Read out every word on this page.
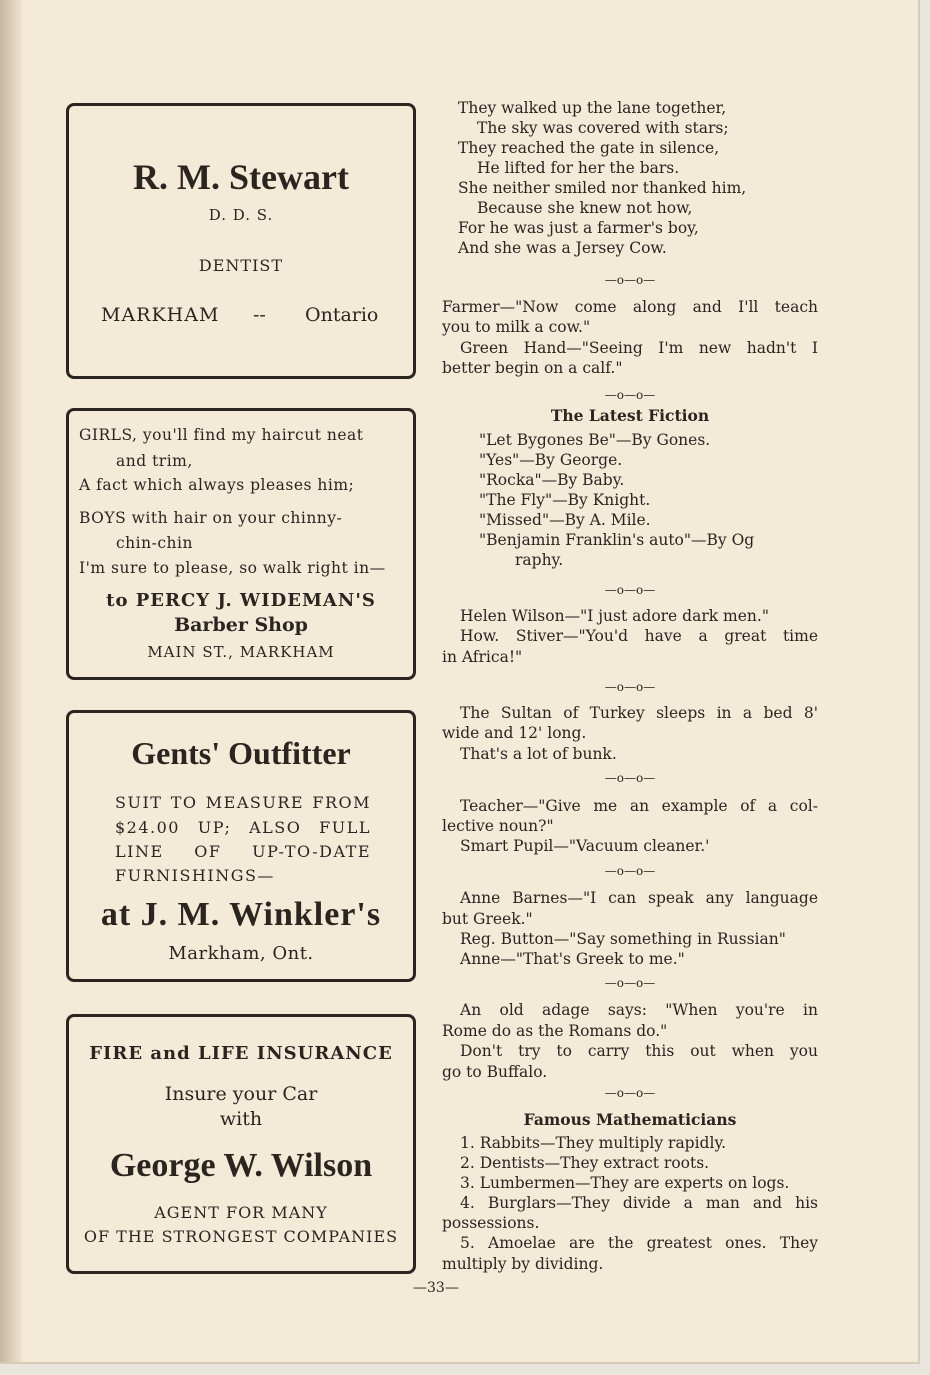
R. M. Stewart
D. D. S.
DENTIST
MARKHAM -- Ontario
GIRLS, you'll find my haircut neat
and trim,
A fact which always pleases him;
BOYS with hair on your chinny-
chin-chin
I'm sure to please, so walk right in—
to PERCY J. WIDEMAN'S
Barber Shop
MAIN ST., MARKHAM
Gents' Outfitter
SUIT TO MEASURE FROM
$24.00 UP; ALSO FULL
LINE OF UP-TO-DATE
FURNISHINGS—
at J. M. Winkler's
Markham, Ont.
FIRE and LIFE INSURANCE
Insure your Car
with
George W. Wilson
AGENT FOR MANY
OF THE STRONGEST COMPANIES
They walked up the lane together,
The sky was covered with stars;
They reached the gate in silence,
He lifted for her the bars.
She neither smiled nor thanked him,
Because she knew not how,
For he was just a farmer's boy,
And she was a Jersey Cow.
—o—o—
Farmer—"Now come along and I'll teach
you to milk a cow."
Green Hand—"Seeing I'm new hadn't I
better begin on a calf."
—o—o—
The Latest Fiction
"Let Bygones Be"—By Gones.
"Yes"—By George.
"Rocka"—By Baby.
"The Fly"—By Knight.
"Missed"—By A. Mile.
"Benjamin Franklin's auto"—By Og
raphy.
—o—o—
Helen Wilson—"I just adore dark men."
How. Stiver—"You'd have a great time
in Africa!"
—o—o—
The Sultan of Turkey sleeps in a bed 8'
wide and 12' long.
That's a lot of bunk.
—o—o—
Teacher—"Give me an example of a col-
lective noun?"
Smart Pupil—"Vacuum cleaner.'
—o—o—
Anne Barnes—"I can speak any language
but Greek."
Reg. Button—"Say something in Russian"
Anne—"That's Greek to me."
—o—o—
An old adage says: "When you're in
Rome do as the Romans do."
Don't try to carry this out when you
go to Buffalo.
—o—o—
Famous Mathematicians
1. Rabbits—They multiply rapidly.
2. Dentists—They extract roots.
3. Lumbermen—They are experts on logs.
4. Burglars—They divide a man and his
possessions.
5. Amoelae are the greatest ones. They
multiply by dividing.
—33—
